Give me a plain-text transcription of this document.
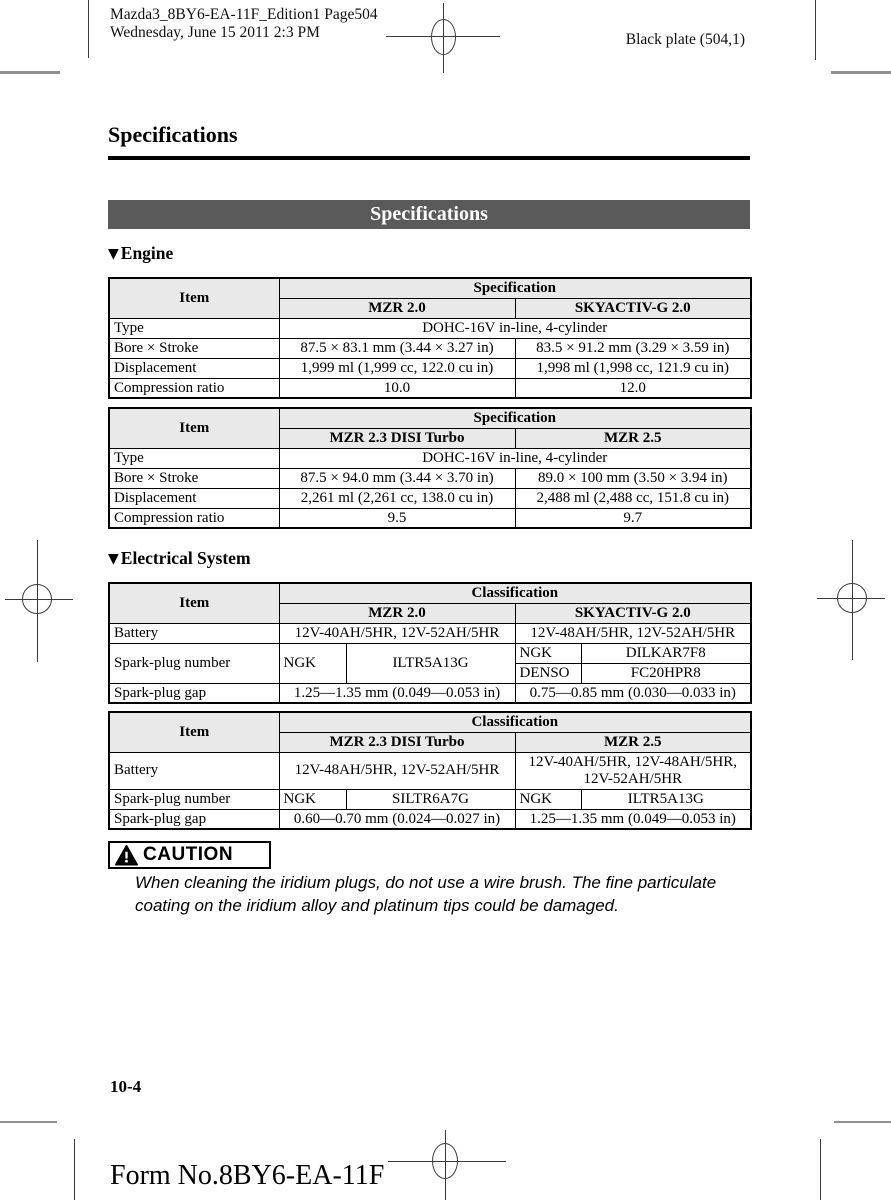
Mazda3_8BY6-EA-11F_Edition1 Page504
Wednesday, June 15 2011 2:3 PM	Black plate (504,1)
Specifications
Specifications
▼ Engine
Item	Specification	
	MZR 2.0	SKYACTIV-G 2.0
Type	DOHC-16V in-line, 4-cylinder	
Bore × Stroke	87.5 × 83.1 mm (3.44 × 3.27 in)	83.5 × 91.2 mm (3.29 × 3.59 in)
Displacement	1,999 ml (1,999 cc, 122.0 cu in)	1,998 ml (1,998 cc, 121.9 cu in)
Compression ratio	10.0	12.0
Item	Specification	
	MZR 2.3 DISI Turbo	MZR 2.5
Type	DOHC-16V in-line, 4-cylinder	
Bore × Stroke	87.5 × 94.0 mm (3.44 × 3.70 in)	89.0 × 100 mm (3.50 × 3.94 in)
Displacement	2,261 ml (2,261 cc, 138.0 cu in)	2,488 ml (2,488 cc, 151.8 cu in)
Compression ratio	9.5	9.7
▼ Electrical System
Item	Classification			
	MZR 2.0		SKYACTIV-G 2.0	
Battery	12V-40AH/5HR, 12V-52AH/5HR		12V-48AH/5HR, 12V-52AH/5HR	
Spark-plug number	NGK	ILTR5A13G	NGK	DILKAR7F8
			DENSO	FC20HPR8
Spark-plug gap	1.25—1.35 mm (0.049—0.053 in)		0.75—0.85 mm (0.030—0.033 in)	
Item	Classification			
	MZR 2.3 DISI Turbo		MZR 2.5	
Battery	12V-48AH/5HR, 12V-52AH/5HR		12V-40AH/5HR, 12V-48AH/5HR, 12V-52AH/5HR	
Spark-plug number	NGK	SILTR6A7G	NGK	ILTR5A13G
Spark-plug gap	0.60—0.70 mm (0.024—0.027 in)		1.25—1.35 mm (0.049—0.053 in)	
CAUTION
When cleaning the iridium plugs, do not use a wire brush. The fine particulate coating on the iridium alloy and platinum tips could be damaged.
10-4
Form No.8BY6-EA-11F
